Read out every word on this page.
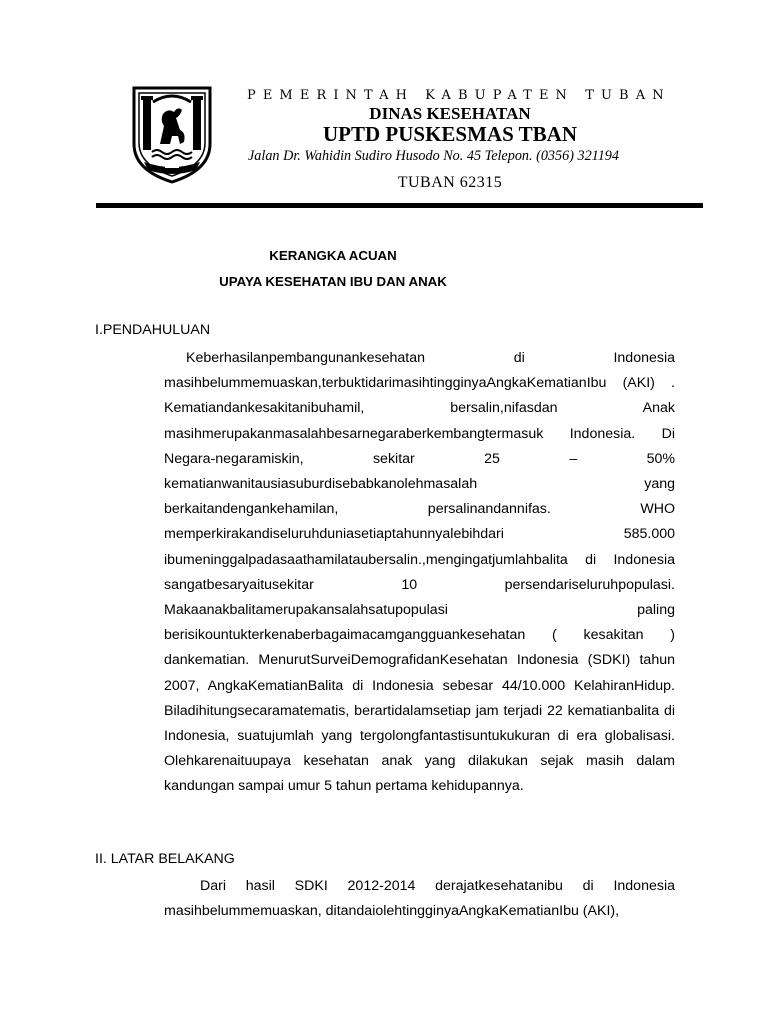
PEMERINTAH KABUPATEN TUBAN
DINAS KESEHATAN
UPTD PUSKESMAS TBAN
Jalan Dr. Wahidin Sudiro Husodo No. 45 Telepon. (0356) 321194
TUBAN 62315
KERANGKA ACUAN
UPAYA KESEHATAN IBU DAN ANAK
I.PENDAHULUAN
Keberhasilanpembangunankesehatan di Indonesia masihbelummemuaskan,terbuktidarimasihtingginyaAngkaKematianIbu (AKI) . Kematiandankesakitanibuhamil, bersalin,nifasdan Anak masihmerupakanmasalahbesarnegaraberkembangtermasuk Indonesia. Di Negara-negaramiskin, sekitar 25 – 50% kematianwanitausiasuburdisebabkanolehmasalah yang berkaitandengankehamilan, persalinandannifas. WHO memperkirakandiseluruhduniasetiaptahunnyalebihdari 585.000 ibumeninggalpadasaathamilataubersalin.,mengingatjumlahbalita di Indonesia sangatbesaryaitusekitar 10 persendariseluruhpopulasi. Makaanakbalitamerupakansalahsatupopulasi paling berisikountukterkenaberbagaimacamgangguankesehatan ( kesakitan ) dankematian. MenurutSurveiDemografidanKesehatan Indonesia (SDKI) tahun 2007, AngkaKematianBalita di Indonesia sebesar 44/10.000 KelahiranHidup. Biladihitungsecaramatematis, berartidalamsetiap jam terjadi 22 kematianbalita di Indonesia, suatujumlah yang tergolongfantastisuntukukuran di era globalisasi. Olehkarenaituupaya kesehatan anak yang dilakukan sejak masih dalam kandungan sampai umur 5 tahun pertama kehidupannya.
II. LATAR BELAKANG
Dari hasil SDKI 2012-2014 derajatkesehatanibu di Indonesia masihbelummemuaskan, ditandaiolehtingginyaAngkaKematianIbu (AKI),
